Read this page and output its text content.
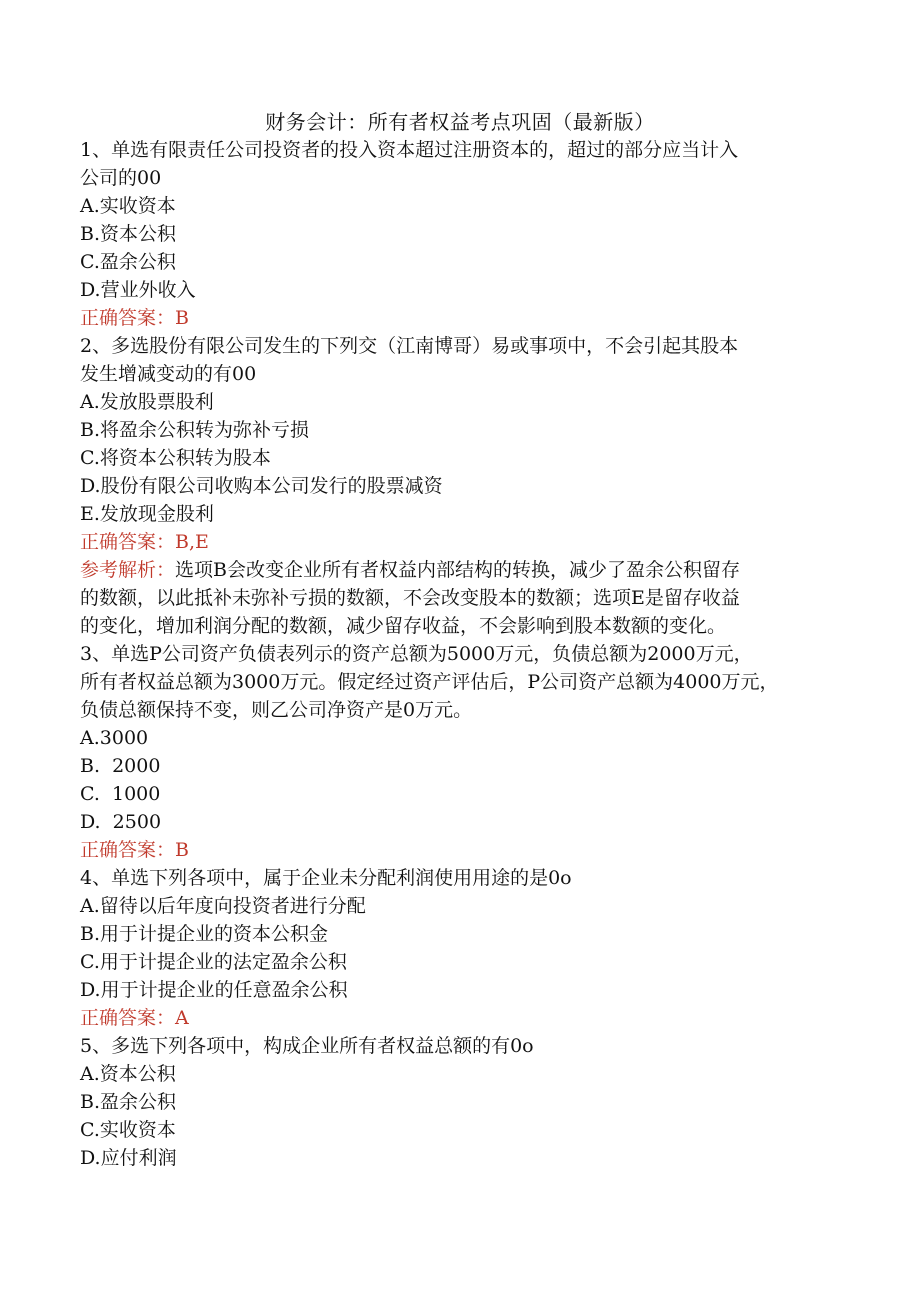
财务会计：所有者权益考点巩固（最新版）
1、单选有限责任公司投资者的投入资本超过注册资本的，超过的部分应当计入
公司的00
A.实收资本
B.资本公积
C.盈余公积
D.营业外收入
正确答案：B
2、多选股份有限公司发生的下列交（江南博哥）易或事项中，不会引起其股本
发生增减变动的有00
A.发放股票股利
B.将盈余公积转为弥补亏损
C.将资本公积转为股本
D.股份有限公司收购本公司发行的股票减资
E.发放现金股利
正确答案：B,E
参考解析：选项B会改变企业所有者权益内部结构的转换，减少了盈余公积留存
的数额，以此抵补未弥补亏损的数额，不会改变股本的数额；选项E是留存收益
的变化，增加利润分配的数额，减少留存收益，不会影响到股本数额的变化。
3、单选P公司资产负债表列示的资产总额为5000万元，负债总额为2000万元，
所有者权益总额为3000万元。假定经过资产评估后，P公司资产总额为4000万元，
负债总额保持不变，则乙公司净资产是0万元。
A.3000
B.  2000
C.  1000
D.  2500
正确答案：B
4、单选下列各项中，属于企业未分配利润使用用途的是0o
A.留待以后年度向投资者进行分配
B.用于计提企业的资本公积金
C.用于计提企业的法定盈余公积
D.用于计提企业的任意盈余公积
正确答案：A
5、多选下列各项中，构成企业所有者权益总额的有0o
A.资本公积
B.盈余公积
C.实收资本
D.应付利润
